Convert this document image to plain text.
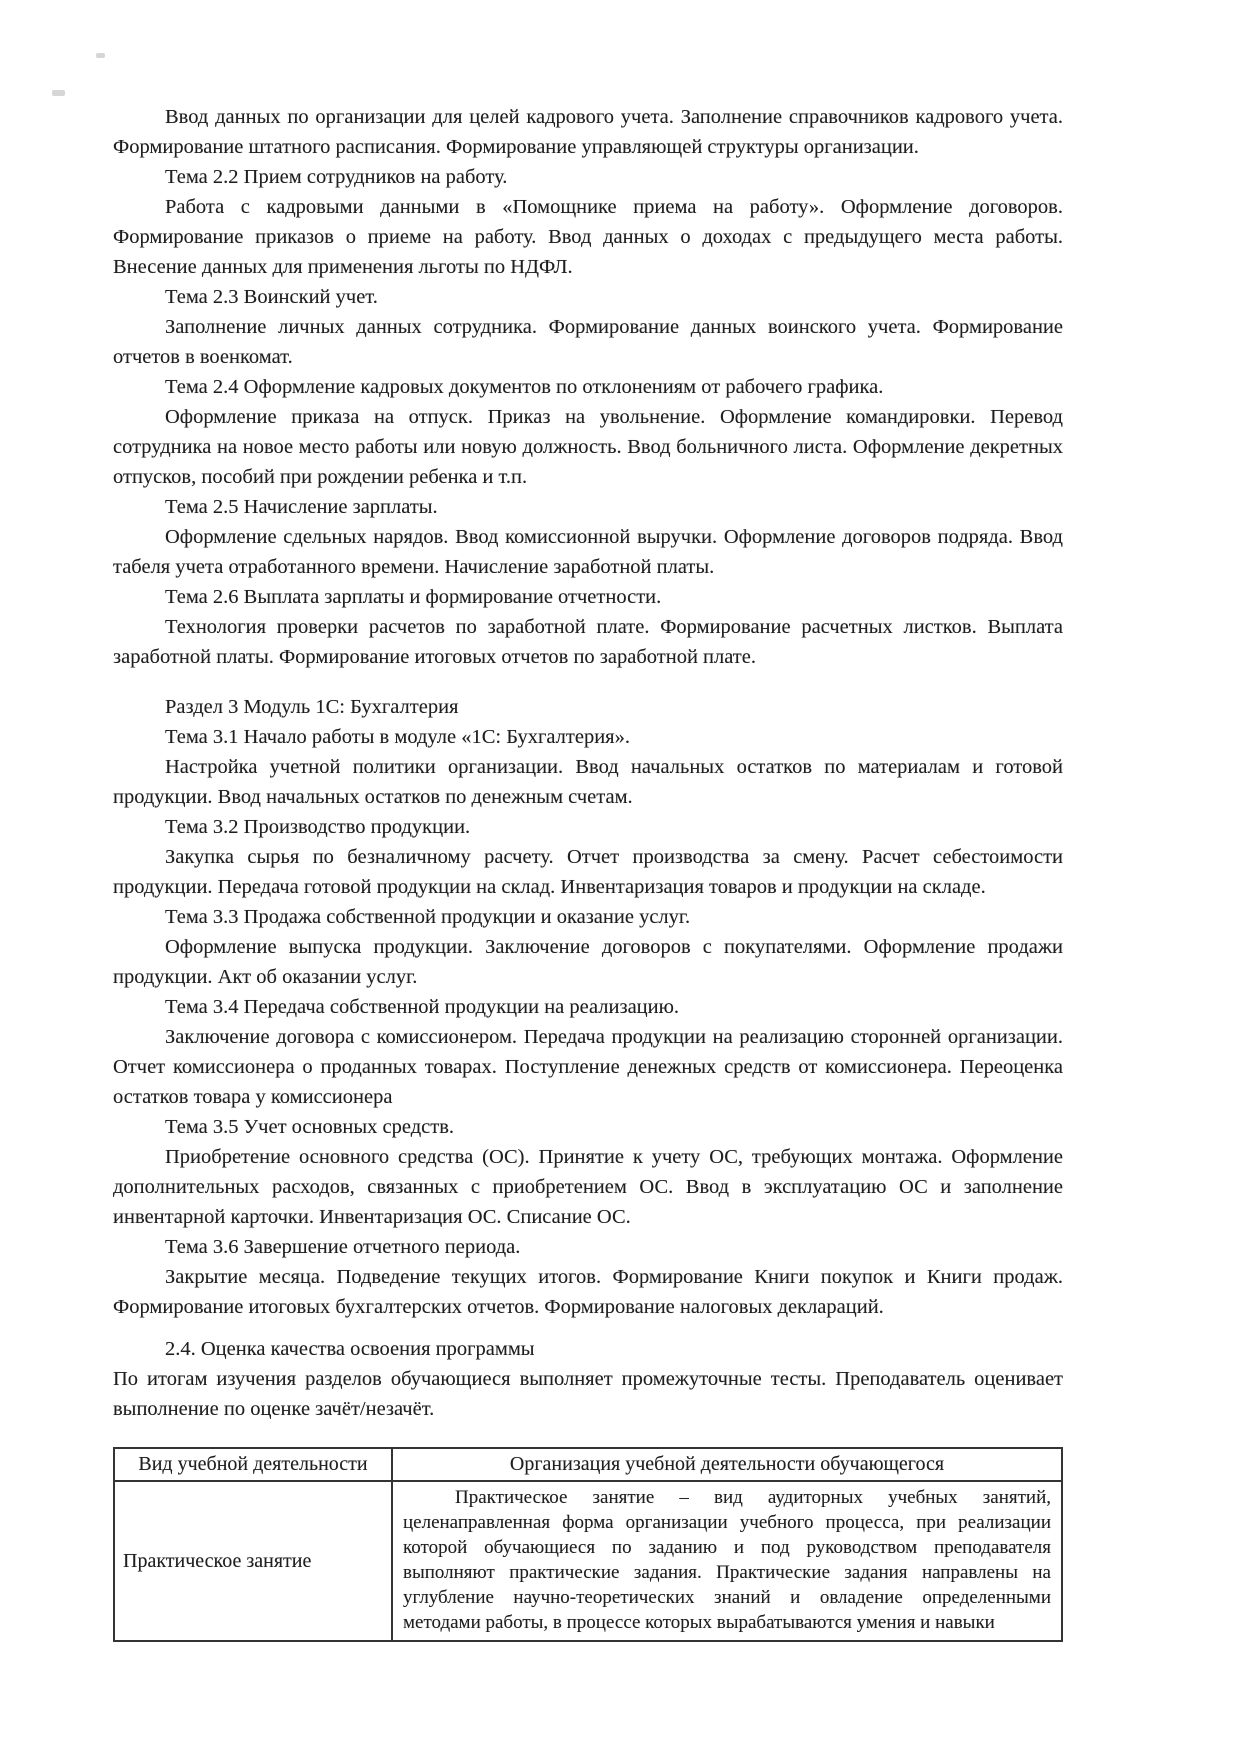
Ввод данных по организации для целей кадрового учета. Заполнение справочников кадрового учета. Формирование штатного расписания. Формирование управляющей структуры организации.

Тема 2.2 Прием сотрудников на работу.

Работа с кадровыми данными в «Помощнике приема на работу». Оформление договоров. Формирование приказов о приеме на работу. Ввод данных о доходах с предыдущего места работы. Внесение данных для применения льготы по НДФЛ.

Тема 2.3 Воинский учет.

Заполнение личных данных сотрудника. Формирование данных воинского учета. Формирование отчетов в военкомат.

Тема 2.4 Оформление кадровых документов по отклонениям от рабочего графика.

Оформление приказа на отпуск. Приказ на увольнение. Оформление командировки. Перевод сотрудника на новое место работы или новую должность. Ввод больничного листа. Оформление декретных отпусков, пособий при рождении ребенка и т.п.

Тема 2.5 Начисление зарплаты.

Оформление сдельных нарядов. Ввод комиссионной выручки. Оформление договоров подряда. Ввод табеля учета отработанного времени. Начисление заработной платы.

Тема 2.6 Выплата зарплаты и формирование отчетности.

Технология проверки расчетов по заработной плате. Формирование расчетных листков. Выплата заработной платы. Формирование итоговых отчетов по заработной плате.

Раздел 3 Модуль 1С: Бухгалтерия

Тема 3.1 Начало работы в модуле «1С: Бухгалтерия».

Настройка учетной политики организации. Ввод начальных остатков по материалам и готовой продукции. Ввод начальных остатков по денежным счетам.

Тема 3.2 Производство продукции.

Закупка сырья по безналичному расчету. Отчет производства за смену. Расчет себестоимости продукции. Передача готовой продукции на склад. Инвентаризация товаров и продукции на складе.

Тема 3.3 Продажа собственной продукции и оказание услуг.

Оформление выпуска продукции. Заключение договоров с покупателями. Оформление продажи продукции. Акт об оказании услуг.

Тема 3.4 Передача собственной продукции на реализацию.

Заключение договора с комиссионером. Передача продукции на реализацию сторонней организации. Отчет комиссионера о проданных товарах. Поступление денежных средств от комиссионера. Переоценка остатков товара у комиссионера

Тема 3.5 Учет основных средств.

Приобретение основного средства (ОС). Принятие к учету ОС, требующих монтажа. Оформление дополнительных расходов, связанных с приобретением ОС. Ввод в эксплуатацию ОС и заполнение инвентарной карточки. Инвентаризация ОС. Списание ОС.

Тема 3.6 Завершение отчетного периода.

Закрытие месяца. Подведение текущих итогов. Формирование Книги покупок и Книги продаж. Формирование итоговых бухгалтерских отчетов. Формирование налоговых деклараций.

2.4. Оценка качества освоения программы

По итогам изучения разделов обучающиеся выполняет промежуточные тесты. Преподаватель оценивает выполнение по оценке зачёт/незачёт.

Вид учебной деятельности	Организация учебной деятельности обучающегося
Практическое занятие	Практическое занятие – вид аудиторных учебных занятий, целенаправленная форма организации учебного процесса, при реализации которой обучающиеся по заданию и под руководством преподавателя выполняют практические задания. Практические задания направлены на углубление научно-теоретических знаний и овладение определенными методами работы, в процессе которых вырабатываются умения и навыки
